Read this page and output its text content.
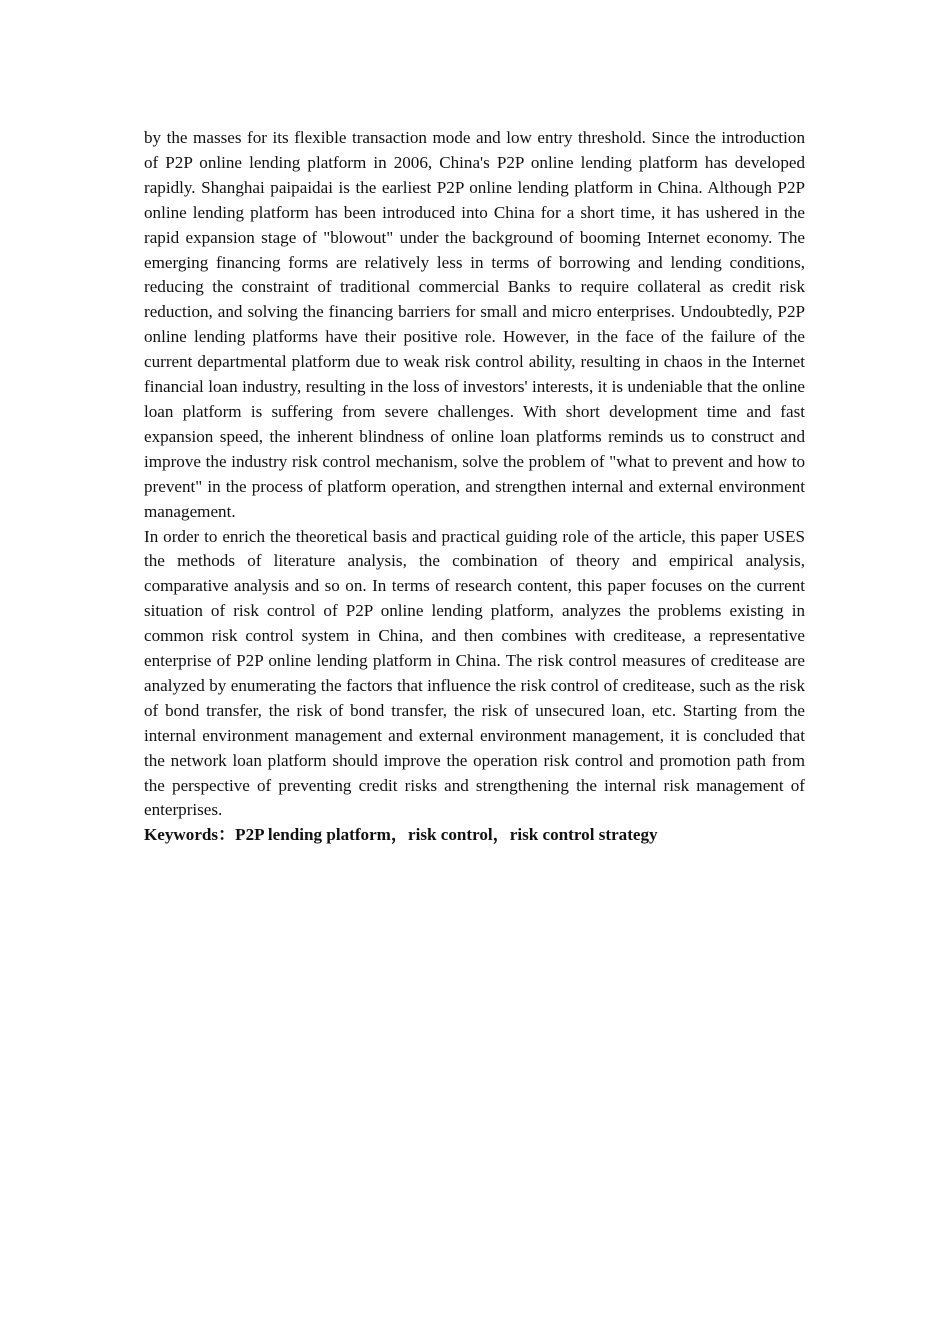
by the masses for its flexible transaction mode and low entry threshold. Since the introduction of P2P online lending platform in 2006, China's P2P online lending platform has developed rapidly. Shanghai paipaidai is the earliest P2P online lending platform in China. Although P2P online lending platform has been introduced into China for a short time, it has ushered in the rapid expansion stage of "blowout" under the background of booming Internet economy. The emerging financing forms are relatively less in terms of borrowing and lending conditions, reducing the constraint of traditional commercial Banks to require collateral as credit risk reduction, and solving the financing barriers for small and micro enterprises. Undoubtedly, P2P online lending platforms have their positive role. However, in the face of the failure of the current departmental platform due to weak risk control ability, resulting in chaos in the Internet financial loan industry, resulting in the loss of investors' interests, it is undeniable that the online loan platform is suffering from severe challenges. With short development time and fast expansion speed, the inherent blindness of online loan platforms reminds us to construct and improve the industry risk control mechanism, solve the problem of "what to prevent and how to prevent" in the process of platform operation, and strengthen internal and external environment management.

In order to enrich the theoretical basis and practical guiding role of the article, this paper USES the methods of literature analysis, the combination of theory and empirical analysis, comparative analysis and so on. In terms of research content, this paper focuses on the current situation of risk control of P2P online lending platform, analyzes the problems existing in common risk control system in China, and then combines with creditease, a representative enterprise of P2P online lending platform in China. The risk control measures of creditease are analyzed by enumerating the factors that influence the risk control of creditease, such as the risk of bond transfer, the risk of bond transfer, the risk of unsecured loan, etc. Starting from the internal environment management and external environment management, it is concluded that the network loan platform should improve the operation risk control and promotion path from the perspective of preventing credit risks and strengthening the internal risk management of enterprises.

Keywords：P2P lending platform，risk control，risk control strategy
